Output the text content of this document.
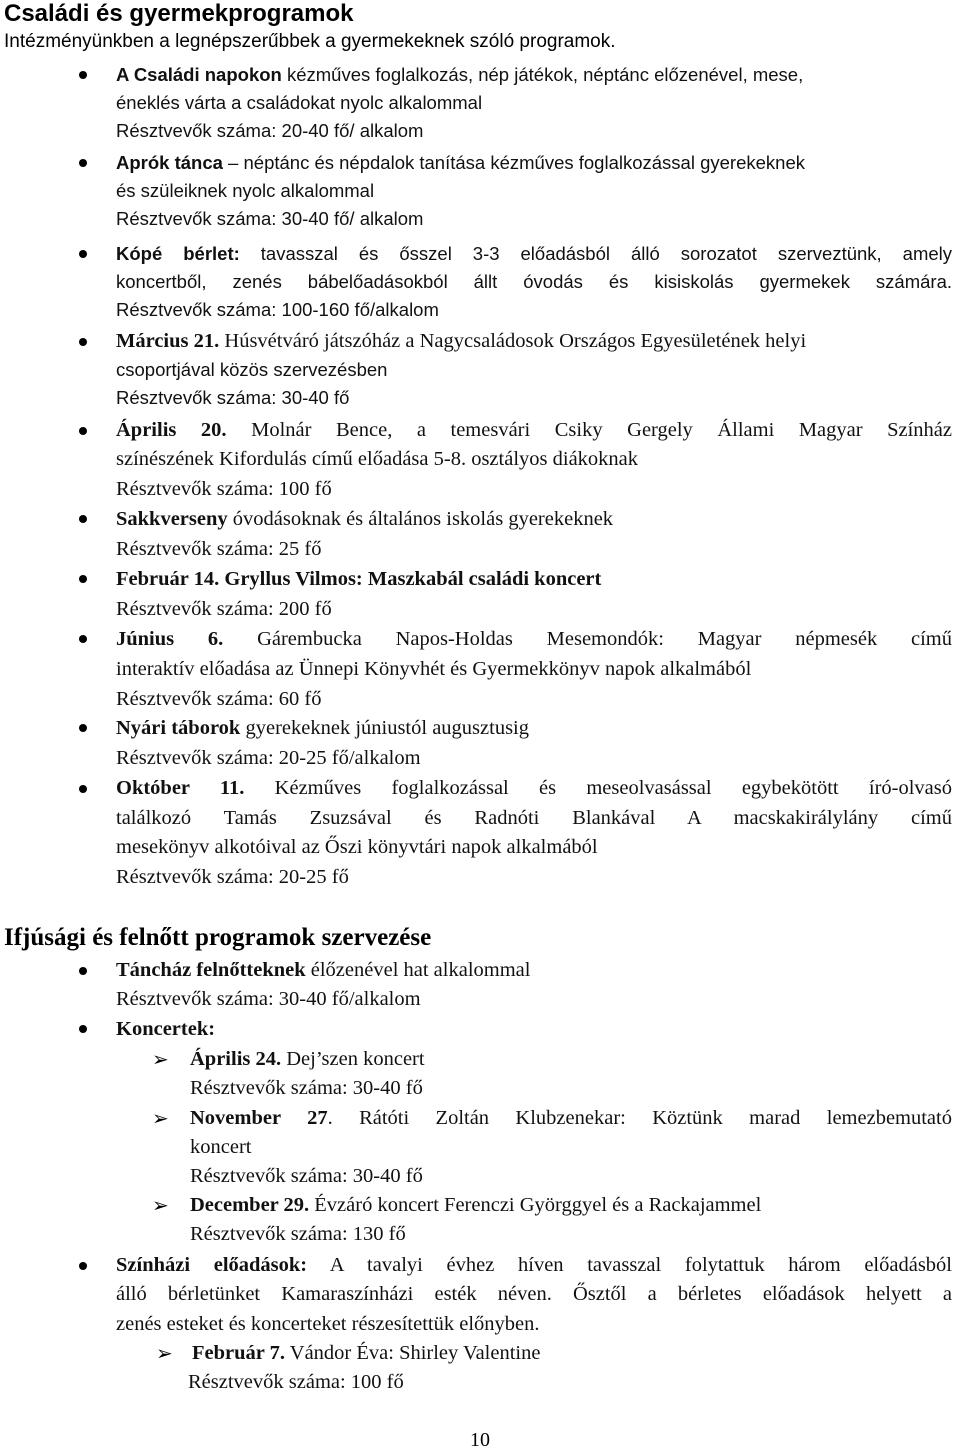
Családi és gyermekprogramok
Intézményünkben a legnépszerűbbek a gyermekeknek szóló programok.
A Családi napokon kézműves foglalkozás, nép játékok, néptánc előzenével, mese,
éneklés várta a családokat nyolc alkalommal
Résztvevők száma: 20-40 fő/ alkalom
Aprók tánca – néptánc és népdalok tanítása kézműves foglalkozással gyerekeknek
és szüleiknek nyolc alkalommal
Résztvevők száma: 30-40 fő/ alkalom
Kópé bérlet: tavasszal és ősszel 3-3 előadásból álló sorozatot szerveztünk, amely
koncertből, zenés bábelőadásokból állt óvodás és kisiskolás gyermekek számára.
Résztvevők száma: 100-160 fő/alkalom
Március 21. Húsvétváró játszóház a Nagycsaládosok Országos Egyesületének helyi
csoportjával közös szervezésben
Résztvevők száma: 30-40 fő
Április 20. Molnár Bence, a temesvári Csiky Gergely Állami Magyar Színház
színészének Kifordulás című előadása 5-8. osztályos diákoknak
Résztvevők száma: 100 fő
Sakkverseny óvodásoknak és általános iskolás gyerekeknek
Résztvevők száma: 25 fő
Február 14. Gryllus Vilmos: Maszkabál családi koncert
Résztvevők száma: 200 fő
Június 6. Gárembucka Napos-Holdas Mesemondók: Magyar népmesék című
interaktív előadása az Ünnepi Könyvhét és Gyermekkönyv napok alkalmából
Résztvevők száma: 60 fő
Nyári táborok gyerekeknek júniustól augusztusig
Résztvevők száma: 20-25 fő/alkalom
Október 11. Kézműves foglalkozással és meseolvasással egybekötött író-olvasó
találkozó Tamás Zsuzsával és Radnóti Blankával A macskakirálylány című
mesekönyv alkotóival az Őszi könyvtári napok alkalmából
Résztvevők száma: 20-25 fő
Ifjúsági és felnőtt programok szervezése
Táncház felnőtteknek élőzenével hat alkalommal
Résztvevők száma: 30-40 fő/alkalom
Koncertek:
➢ Április 24. Dej’szen koncert
Résztvevők száma: 30-40 fő
➢ November 27. Rátóti Zoltán Klubzenekar: Köztünk marad lemezbemutató
koncert
Résztvevők száma: 30-40 fő
➢ December 29. Évzáró koncert Ferenczi Györggyel és a Rackajammel
Résztvevők száma: 130 fő
Színházi előadások: A tavalyi évhez híven tavasszal folytattuk három előadásból
álló bérletünket Kamaraszínházi esték néven. Ősztől a bérletes előadások helyett a
zenés esteket és koncerteket részesítettük előnyben.
➢ Február 7. Vándor Éva: Shirley Valentine
Résztvevők száma: 100 fő
10
